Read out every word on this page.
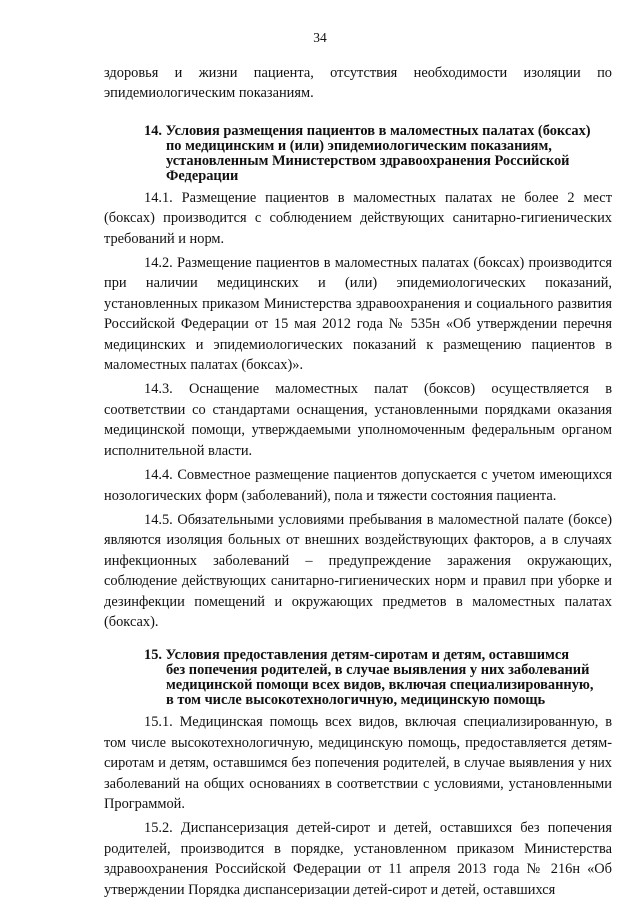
34

здоровья и жизни пациента, отсутствия необходимости изоляции по эпидемиологическим показаниям.

14. Условия размещения пациентов в маломестных палатах (боксах)
по медицинским и (или) эпидемиологическим показаниям,
установленным Министерством здравоохранения Российской
Федерации

14.1. Размещение пациентов в маломестных палатах не более 2 мест (боксах) производится с соблюдением действующих санитарно-гигиенических требований и норм.

14.2. Размещение пациентов в маломестных палатах (боксах) производится при наличии медицинских и (или) эпидемиологических показаний, установленных приказом Министерства здравоохранения и социального развития Российской Федерации от 15 мая 2012 года № 535н «Об утверждении перечня медицинских и эпидемиологических показаний к размещению пациентов в маломестных палатах (боксах)».

14.3. Оснащение маломестных палат (боксов) осуществляется в соответствии со стандартами оснащения, установленными порядками оказания медицинской помощи, утверждаемыми уполномоченным федеральным органом исполнительной власти.

14.4. Совместное размещение пациентов допускается с учетом имеющихся нозологических форм (заболеваний), пола и тяжести состояния пациента.

14.5. Обязательными условиями пребывания в маломестной палате (боксе) являются изоляция больных от внешних воздействующих факторов, а в случаях инфекционных заболеваний – предупреждение заражения окружающих, соблюдение действующих санитарно-гигиенических норм и правил при уборке и дезинфекции помещений и окружающих предметов в маломестных палатах (боксах).

15. Условия предоставления детям-сиротам и детям, оставшимся
без попечения родителей, в случае выявления у них заболеваний
медицинской помощи всех видов, включая специализированную,
в том числе высокотехнологичную, медицинскую помощь

15.1. Медицинская помощь всех видов, включая специализированную, в том числе высокотехнологичную, медицинскую помощь, предоставляется детям-сиротам и детям, оставшимся без попечения родителей, в случае выявления у них заболеваний на общих основаниях в соответствии с условиями, установленными Программой.

15.2. Диспансеризация детей-сирот и детей, оставшихся без попечения родителей, производится в порядке, установленном приказом Министерства здравоохранения Российской Федерации от 11 апреля 2013 года № 216н «Об утверждении Порядка диспансеризации детей-сирот и детей, оставшихся
